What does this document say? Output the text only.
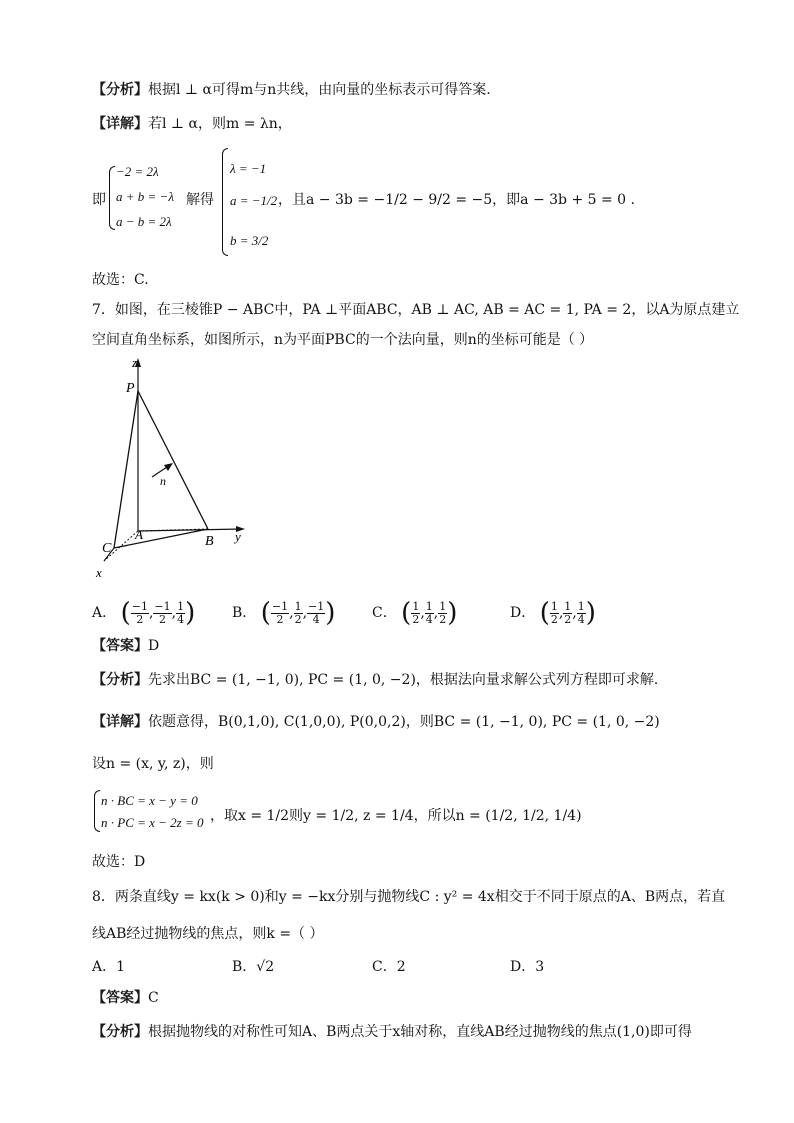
【分析】根据l ⊥ α可得m与n共线，由向量的坐标表示可得答案.
【详解】若l ⊥ α，则m = λn，
即
−2 = 2λ
a + b = −λ
a − b = 2λ
解得
λ = −1
a = −1/2
b = 3/2
，且a − 3b = −1/2 − 9/2 = −5，即a − 3b + 5 = 0 .
故选：C.
7．如图，在三棱锥P − ABC中，PA ⊥平面ABC，AB ⊥ AC, AB = AC = 1, PA = 2，以A为原点建立
空间直角坐标系，如图所示，n为平面PBC的一个法向量，则n的坐标可能是（ ）
z
P
n
A	B
C
x
y
A． ( $\frac{-1}{2}$ , $\frac{-1}{2}$ , $\frac{1}{4}$ )	B． ( $\frac{-1}{2}$ , $\frac{1}{2}$ , $\frac{-1}{4}$ )	C． ( $\frac{1}{2}$ , $\frac{1}{4}$ , $\frac{1}{2}$ )	D． ( $\frac{1}{2}$ , $\frac{1}{2}$ , $\frac{1}{4}$ )
【答案】D
【分析】先求出BC = (1, −1, 0), PC = (1, 0, −2)，根据法向量求解公式列方程即可求解．
【详解】依题意得，B(0,1,0), C(1,0,0), P(0,0,2)，则BC = (1, −1, 0), PC = (1, 0, −2)
设n = (x, y, z)，则
n · BC = x − y = 0
n · PC = x − 2z = 0 ，取x = 1/2则y = 1/2, z = 1/4，所以n = (1/2, 1/2, 1/4)
故选：D
8．两条直线y = kx(k > 0)和y = −kx分别与抛物线C : y² = 4x相交于不同于原点的A、B两点，若直
线AB经过抛物线的焦点，则k =（ ）
A．1	B．√2	C．2	D．3
【答案】C
【分析】根据抛物线的对称性可知A、B两点关于x轴对称，直线AB经过抛物线的焦点(1,0)即可得
